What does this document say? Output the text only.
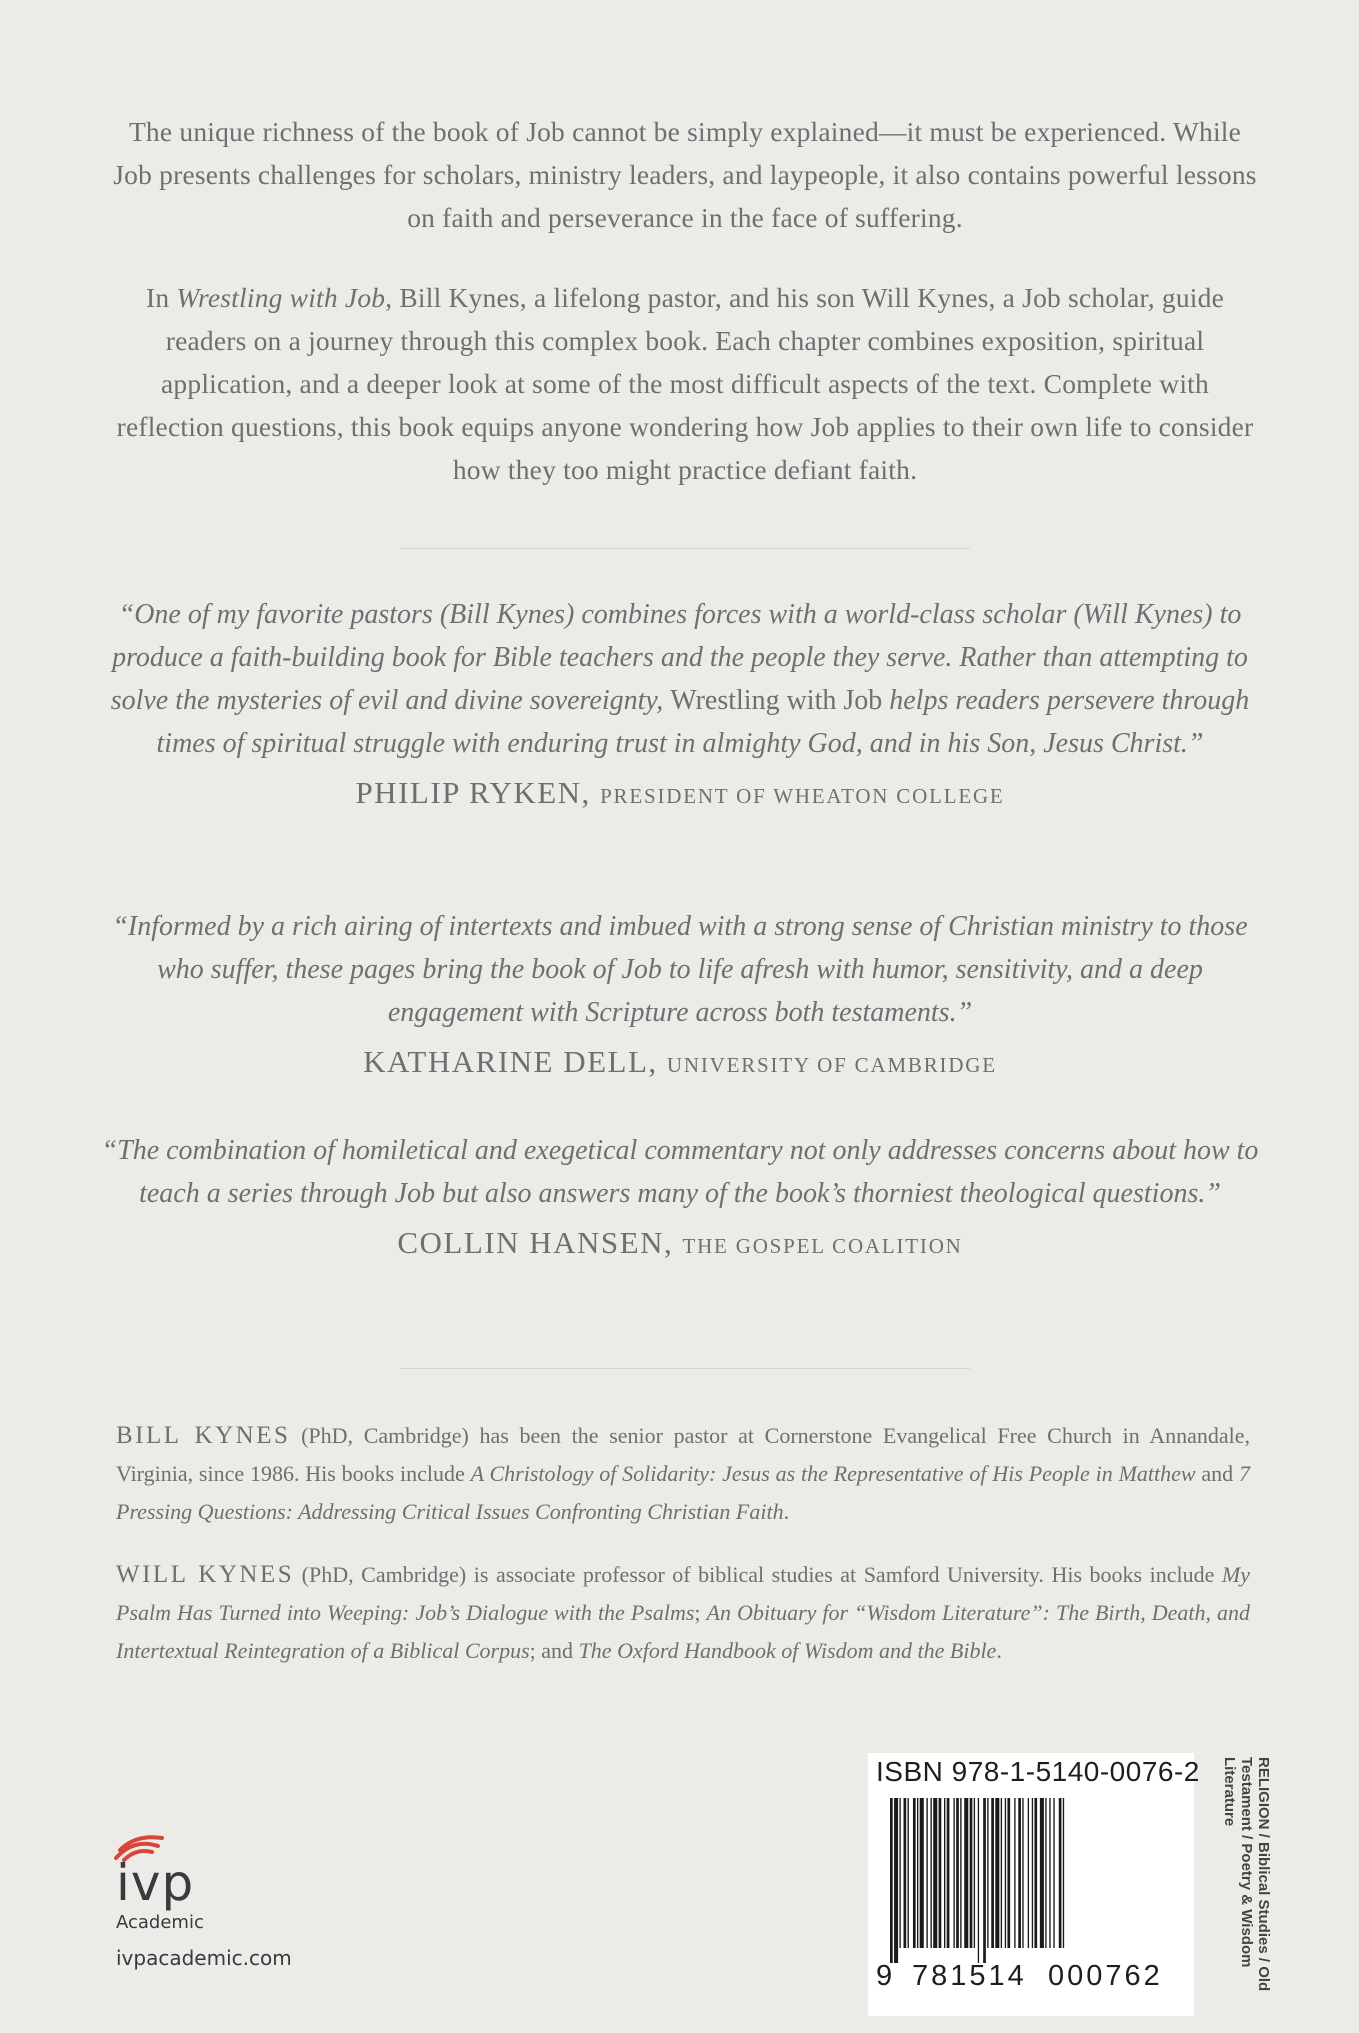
The unique richness of the book of Job cannot be simply explained—it must be experienced. While Job presents challenges for scholars, ministry leaders, and laypeople, it also contains powerful lessons on faith and perseverance in the face of suffering.

In Wrestling with Job, Bill Kynes, a lifelong pastor, and his son Will Kynes, a Job scholar, guide readers on a journey through this complex book. Each chapter combines exposition, spiritual application, and a deeper look at some of the most difficult aspects of the text. Complete with reflection questions, this book equips anyone wondering how Job applies to their own life to consider how they too might practice defiant faith.

“One of my favorite pastors (Bill Kynes) combines forces with a world-class scholar (Will Kynes) to produce a faith-building book for Bible teachers and the people they serve. Rather than attempting to solve the mysteries of evil and divine sovereignty, Wrestling with Job helps readers persevere through times of spiritual struggle with enduring trust in almighty God, and in his Son, Jesus Christ.”

PHILIP RYKEN, PRESIDENT OF WHEATON COLLEGE

“Informed by a rich airing of intertexts and imbued with a strong sense of Christian ministry to those who suffer, these pages bring the book of Job to life afresh with humor, sensitivity, and a deep engagement with Scripture across both testaments.”

KATHARINE DELL, UNIVERSITY OF CAMBRIDGE

“The combination of homiletical and exegetical commentary not only addresses concerns about how to teach a series through Job but also answers many of the book’s thorniest theological questions.”

COLLIN HANSEN, THE GOSPEL COALITION

BILL KYNES (PhD, Cambridge) has been the senior pastor at Cornerstone Evangelical Free Church in Annandale, Virginia, since 1986. His books include A Christology of Solidarity: Jesus as the Representative of His People in Matthew and 7 Pressing Questions: Addressing Critical Issues Confronting Christian Faith.

WILL KYNES (PhD, Cambridge) is associate professor of biblical studies at Samford University. His books include My Psalm Has Turned into Weeping: Job’s Dialogue with the Psalms; An Obituary for “Wisdom Literature”: The Birth, Death, and Intertextual Reintegration of a Biblical Corpus; and The Oxford Handbook of Wisdom and the Bible.

ivp
Academic
ivpacademic.com
ISBN 978-1-5140-0076-2
9 781514 000762	RELIGION / Biblical Studies / Old Testament / Poetry & Wisdom Literature
